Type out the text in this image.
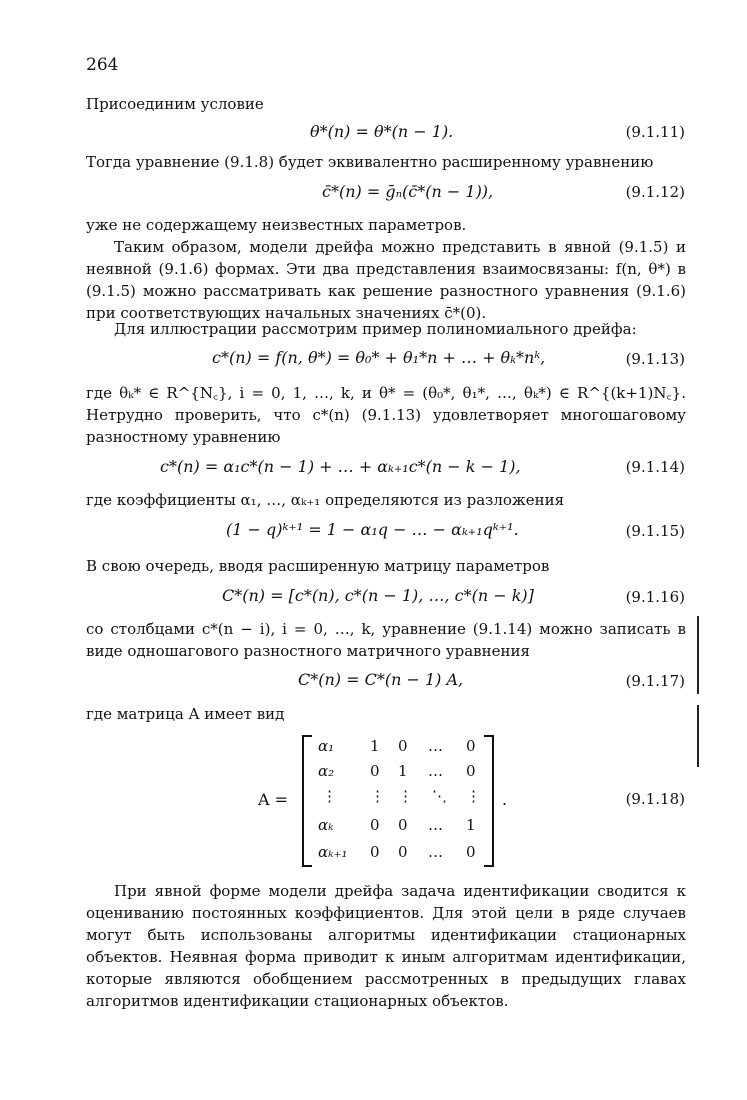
264
Присоединим условие
θ*(n) = θ*(n − 1).	(9.1.11)
Тогда уравнение (9.1.8) будет эквивалентно расширенному уравнению
c̄*(n) = ḡₙ(c̄*(n − 1)),	(9.1.12)
уже не содержащему неизвестных параметров.
Таким образом, модели дрейфа можно представить в явной (9.1.5) и неявной (9.1.6) формах. Эти два представления взаимосвязаны: f(n, θ*) в (9.1.5) можно рассматривать как решение разностного уравнения (9.1.6) при соответствующих начальных значениях c̄*(0).
Для иллюстрации рассмотрим пример полиномиального дрейфа:
c*(n) = f(n, θ*) = θ₀* + θ₁*n + … + θₖ*nᵏ,	(9.1.13)
где θₖ* ∈ R^{N꜀}, i = 0, 1, …, k, и θ* = (θ₀*, θ₁*, …, θₖ*) ∈ R^{(k+1)N꜀}. Нетрудно проверить, что c*(n) (9.1.13) удовлетворяет многошаговому разностному уравнению
c*(n) = α₁c*(n − 1) + … + αₖ₊₁c*(n − k − 1),	(9.1.14)
где коэффициенты α₁, …, αₖ₊₁ определяются из разложения
(1 − q)ᵏ⁺¹ = 1 − α₁q − … − αₖ₊₁qᵏ⁺¹.	(9.1.15)
В свою очередь, вводя расширенную матрицу параметров
C*(n) = [c*(n), c*(n − 1), …, c*(n − k)]	(9.1.16)
со столбцами c*(n − i), i = 0, …, k, уравнение (9.1.14) можно записать в виде одношагового разностного матричного уравнения
C*(n) = C*(n − 1) A,	(9.1.17)
где матрица A имеет вид
A =	.
α₁ 1 0 … 0
α₂ 0 1 … 0
⋮ ⋮ ⋮ ⋱ ⋮
αₖ 0 0 … 1
αₖ₊₁ 0 0 … 0
(9.1.18)
При явной форме модели дрейфа задача идентификации сводится к оцениванию постоянных коэффициентов. Для этой цели в ряде случаев могут быть использованы алгоритмы идентификации стационарных объектов. Неявная форма приводит к иным алгоритмам идентификации, которые являются обобщением рассмотренных в предыдущих главах алгоритмов идентификации стационарных объектов.
